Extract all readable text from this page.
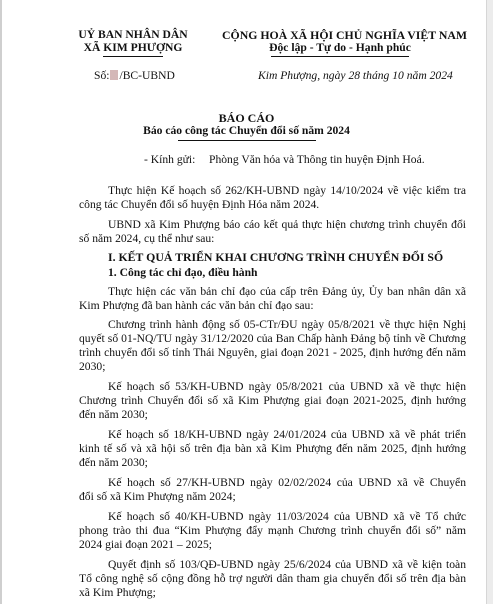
UỶ BAN NHÂN DÂN
XÃ KIM PHƯỢNG
CỘNG HOÀ XÃ HỘI CHỦ NGHĨA VIỆT NAM
Độc lập - Tự do - Hạnh phúc
Số: /BC-UBND	Kim Phượng, ngày 28 tháng 10 năm 2024
BÁO CÁO
Báo cáo công tác Chuyển đổi số năm 2024
- Kính gửi: Phòng Văn hóa và Thông tin huyện Định Hoá.
Thực hiện Kế hoạch số 262/KH-UBND ngày 14/10/2024 về việc kiểm tra
công tác Chuyển đổi số huyện Định Hóa năm 2024.
UBND xã Kim Phượng báo cáo kết quả thực hiện chương trình chuyển đổi
số năm 2024, cụ thể như sau:
I. KẾT QUẢ TRIỂN KHAI CHƯƠNG TRÌNH CHUYỂN ĐỔI SỐ
1. Công tác chỉ đạo, điều hành
Thực hiện các văn bản chỉ đạo của cấp trên Đảng ủy, Ủy ban nhân dân xã
Kim Phượng đã ban hành các văn bản chỉ đạo sau:
Chương trình hành động số 05-CTr/ĐU ngày 05/8/2021 về thực hiện Nghị
quyết số 01-NQ/TU ngày 31/12/2020 của Ban Chấp hành Đảng bộ tỉnh về Chương
trình chuyển đổi số tỉnh Thái Nguyên, giai đoạn 2021 - 2025, định hướng đến năm
2030;
Kế hoạch số 53/KH-UBND ngày 05/8/2021 của UBND xã về thực hiện
Chương trình Chuyển đổi số xã Kim Phượng giai đoạn 2021-2025, định hướng
đến năm 2030;
Kế hoạch số 18/KH-UBND ngày 24/01/2024 của UBND xã về phát triển
kinh tế số và xã hội số trên địa bàn xã Kim Phượng đến năm 2025, định hướng
đến năm 2030;
Kế hoạch số 27/KH-UBND ngày 02/02/2024 của UBND xã về Chuyển
đổi số xã Kim Phượng năm 2024;
Kế hoạch số 40/KH-UBND ngày 11/03/2024 của UBND xã về Tổ chức
phong trào thi đua “Kim Phượng đẩy mạnh Chương trình chuyển đổi số” năm
2024 giai đoạn 2021 – 2025;
Quyết định số 103/QĐ-UBND ngày 25/6/2024 của UBND xã về kiện toàn
Tổ công nghệ số cộng đồng hỗ trợ người dân tham gia chuyển đổi số trên địa bàn
xã Kim Phượng;
